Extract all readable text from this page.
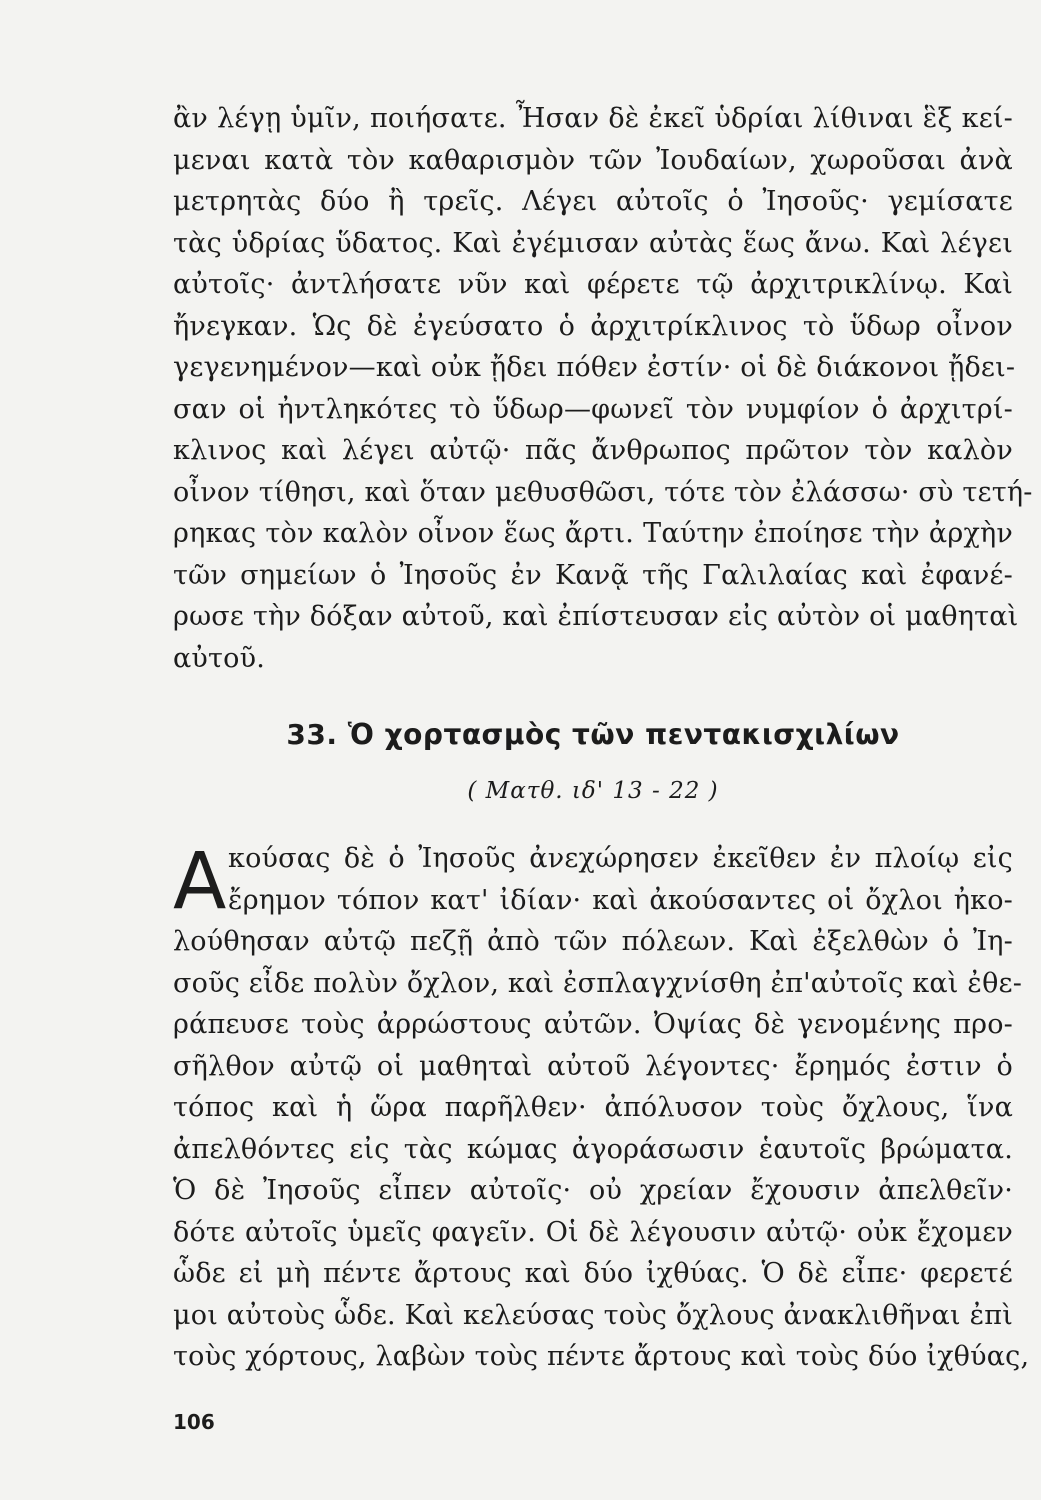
ἂν λέγῃ ὑμῖν, ποιήσατε. Ἦσαν δὲ ἐκεῖ ὑδρίαι λίθιναι ἓξ κεί-
μεναι κατὰ τὸν καθαρισμὸν τῶν Ἰουδαίων, χωροῦσαι ἀνὰ
μετρητὰς δύο ἢ τρεῖς. Λέγει αὐτοῖς ὁ Ἰησοῦς· γεμίσατε
τὰς ὑδρίας ὕδατος. Καὶ ἐγέμισαν αὐτὰς ἕως ἄνω. Καὶ λέγει
αὐτοῖς· ἀντλήσατε νῦν καὶ φέρετε τῷ ἀρχιτρικλίνῳ. Καὶ
ἤνεγκαν. Ὡς δὲ ἐγεύσατο ὁ ἀρχιτρίκλινος τὸ ὕδωρ οἶνον
γεγενημένον—καὶ οὐκ ᾔδει πόθεν ἐστίν· οἱ δὲ διάκονοι ᾔδει-
σαν οἱ ἠντληκότες τὸ ὕδωρ—φωνεῖ τὸν νυμφίον ὁ ἀρχιτρί-
κλινος καὶ λέγει αὐτῷ· πᾶς ἄνθρωπος πρῶτον τὸν καλὸν
οἶνον τίθησι, καὶ ὅταν μεθυσθῶσι, τότε τὸν ἐλάσσω· σὺ τετή-
ρηκας τὸν καλὸν οἶνον ἕως ἄρτι. Ταύτην ἐποίησε τὴν ἀρχὴν
τῶν σημείων ὁ Ἰησοῦς ἐν Κανᾷ τῆς Γαλιλαίας καὶ ἐφανέ-
ρωσε τὴν δόξαν αὐτοῦ, καὶ ἐπίστευσαν εἰς αὐτὸν οἱ μαθηταὶ
αὐτοῦ.
33. Ὁ χορτασμὸς τῶν πεντακισχιλίων
( Ματθ. ιδ' 13 - 22 )
Α κούσας δὲ ὁ Ἰησοῦς ἀνεχώρησεν ἐκεῖθεν ἐν πλοίῳ εἰς
ἔρημον τόπον κατ' ἰδίαν· καὶ ἀκούσαντες οἱ ὄχλοι ἠκο-
λούθησαν αὐτῷ πεζῇ ἀπὸ τῶν πόλεων. Καὶ ἐξελθὼν ὁ Ἰη-
σοῦς εἶδε πολὺν ὄχλον, καὶ ἐσπλαγχνίσθη ἐπ'αὐτοῖς καὶ ἐθε-
ράπευσε τοὺς ἀρρώστους αὐτῶν. Ὀψίας δὲ γενομένης προ-
σῆλθον αὐτῷ οἱ μαθηταὶ αὐτοῦ λέγοντες· ἔρημός ἐστιν ὁ
τόπος καὶ ἡ ὥρα παρῆλθεν· ἀπόλυσον τοὺς ὄχλους, ἵνα
ἀπελθόντες εἰς τὰς κώμας ἀγοράσωσιν ἑαυτοῖς βρώματα.
Ὁ δὲ Ἰησοῦς εἶπεν αὐτοῖς· οὐ χρείαν ἔχουσιν ἀπελθεῖν·
δότε αὐτοῖς ὑμεῖς φαγεῖν. Οἱ δὲ λέγουσιν αὐτῷ· οὐκ ἔχομεν
ὧδε εἰ μὴ πέντε ἄρτους καὶ δύο ἰχθύας. Ὁ δὲ εἶπε· φερετέ
μοι αὐτοὺς ὧδε. Καὶ κελεύσας τοὺς ὄχλους ἀνακλιθῆναι ἐπὶ
τοὺς χόρτους, λαβὼν τοὺς πέντε ἄρτους καὶ τοὺς δύο ἰχθύας,
106
